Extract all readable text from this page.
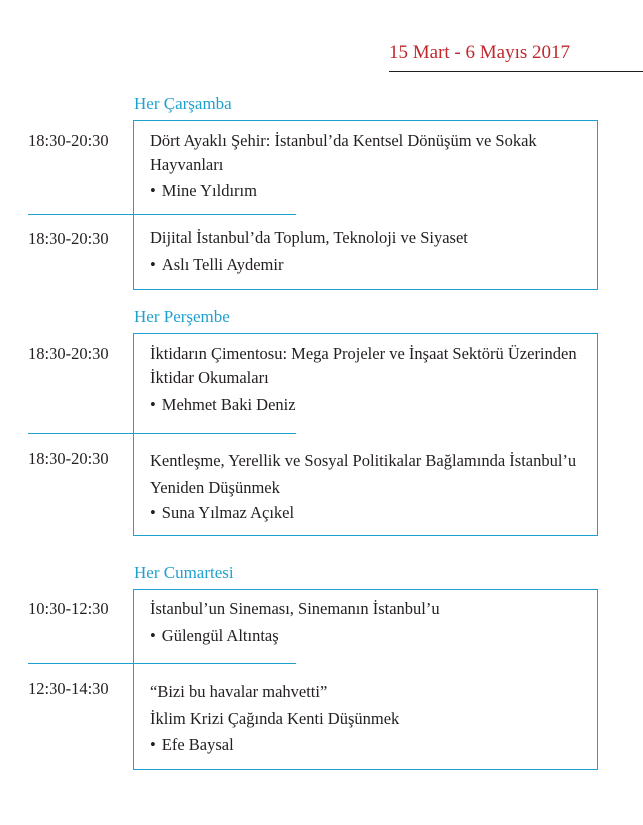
15 Mart - 6 Mayıs 2017
Her Çarşamba
18:30-20:30	Dört Ayaklı Şehir: İstanbul’da Kentsel Dönüşüm ve Sokak Hayvanları
• Mine Yıldırım
18:30-20:30	Dijital İstanbul’da Toplum, Teknoloji ve Siyaset
• Aslı Telli Aydemir
Her Perşembe
18:30-20:30	İktidarın Çimentosu: Mega Projeler ve İnşaat Sektörü Üzerinden İktidar Okumaları
• Mehmet Baki Deniz
18:30-20:30	Kentleşme, Yerellik ve Sosyal Politikalar Bağlamında İstanbul’u Yeniden Düşünmek
• Suna Yılmaz Açıkel
Her Cumartesi
10:30-12:30	İstanbul’un Sineması, Sinemanın İstanbul’u
• Gülengül Altıntaş
12:30-14:30	“Bizi bu havalar mahvetti”
İklim Krizi Çağında Kenti Düşünmek
• Efe Baysal
